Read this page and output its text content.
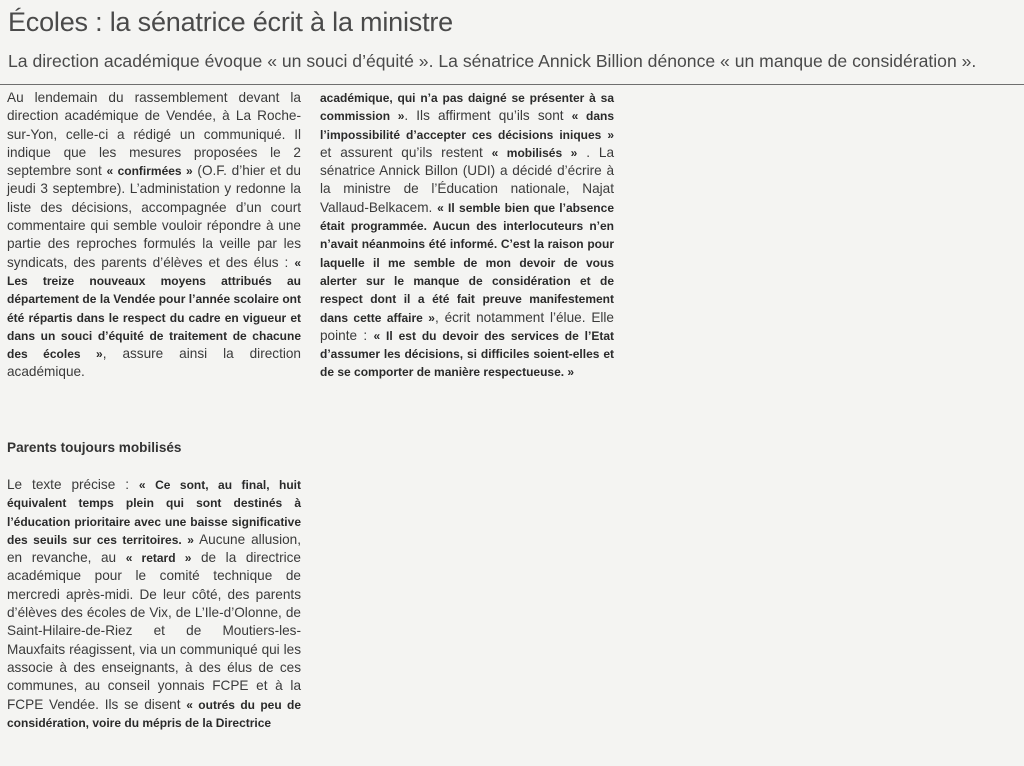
Écoles : la sénatrice écrit à la ministre
La direction académique évoque « un souci d’équité ». La sénatrice Annick Billion dénonce « un manque de considération ».

Au lendemain du rassemblement devant la direction académique de Vendée, à La Roche-sur-Yon, celle-ci a rédigé un communiqué. Il indique que les mesures proposées le 2 septembre sont « confirmées » (O.F. d’hier et du jeudi 3 septembre). L’administation y redonne la liste des décisions, accompagnée d’un court commentaire qui semble vouloir répondre à une partie des reproches formulés la veille par les syndicats, des parents d’élèves et des élus : « Les treize nouveaux moyens attribués au département de la Vendée pour l’année scolaire ont été répartis dans le respect du cadre en vigueur et dans un souci d’équité de traitement de chacune des écoles », assure ainsi la direction académique.

Parents toujours mobilisés

Le texte précise : « Ce sont, au final, huit équivalent temps plein qui sont destinés à l’éducation prioritaire avec une baisse significative des seuils sur ces territoires. » Aucune allusion, en revanche, au « retard » de la directrice académique pour le comité technique de mercredi après-midi. De leur côté, des parents d’élèves des écoles de Vix, de L’Ile-d’Olonne, de Saint-Hilaire-de-Riez et de Moutiers-les-Mauxfaits réagissent, via un communiqué qui les associe à des enseignants, à des élus de ces communes, au conseil yonnais FCPE et à la FCPE Vendée. Ils se disent « outrés du peu de considération, voire du mépris de la Directrice

académique, qui n’a pas daigné se présenter à sa commission ». Ils affirment qu’ils sont « dans l’impossibilité d’accepter ces décisions iniques » et assurent qu’ils restent « mobilisés » . La sénatrice Annick Billon (UDI) a décidé d’écrire à la ministre de l’Éducation nationale, Najat Vallaud-Belkacem. « Il semble bien que l’absence était programmée. Aucun des interlocuteurs n’en n’avait néanmoins été informé. C’est la raison pour laquelle il me semble de mon devoir de vous alerter sur le manque de considération et de respect dont il a été fait preuve manifestement dans cette affaire », écrit notamment l’élue. Elle pointe : « Il est du devoir des services de l’Etat d’assumer les décisions, si difficiles soient-elles et de se comporter de manière respectueuse. »
